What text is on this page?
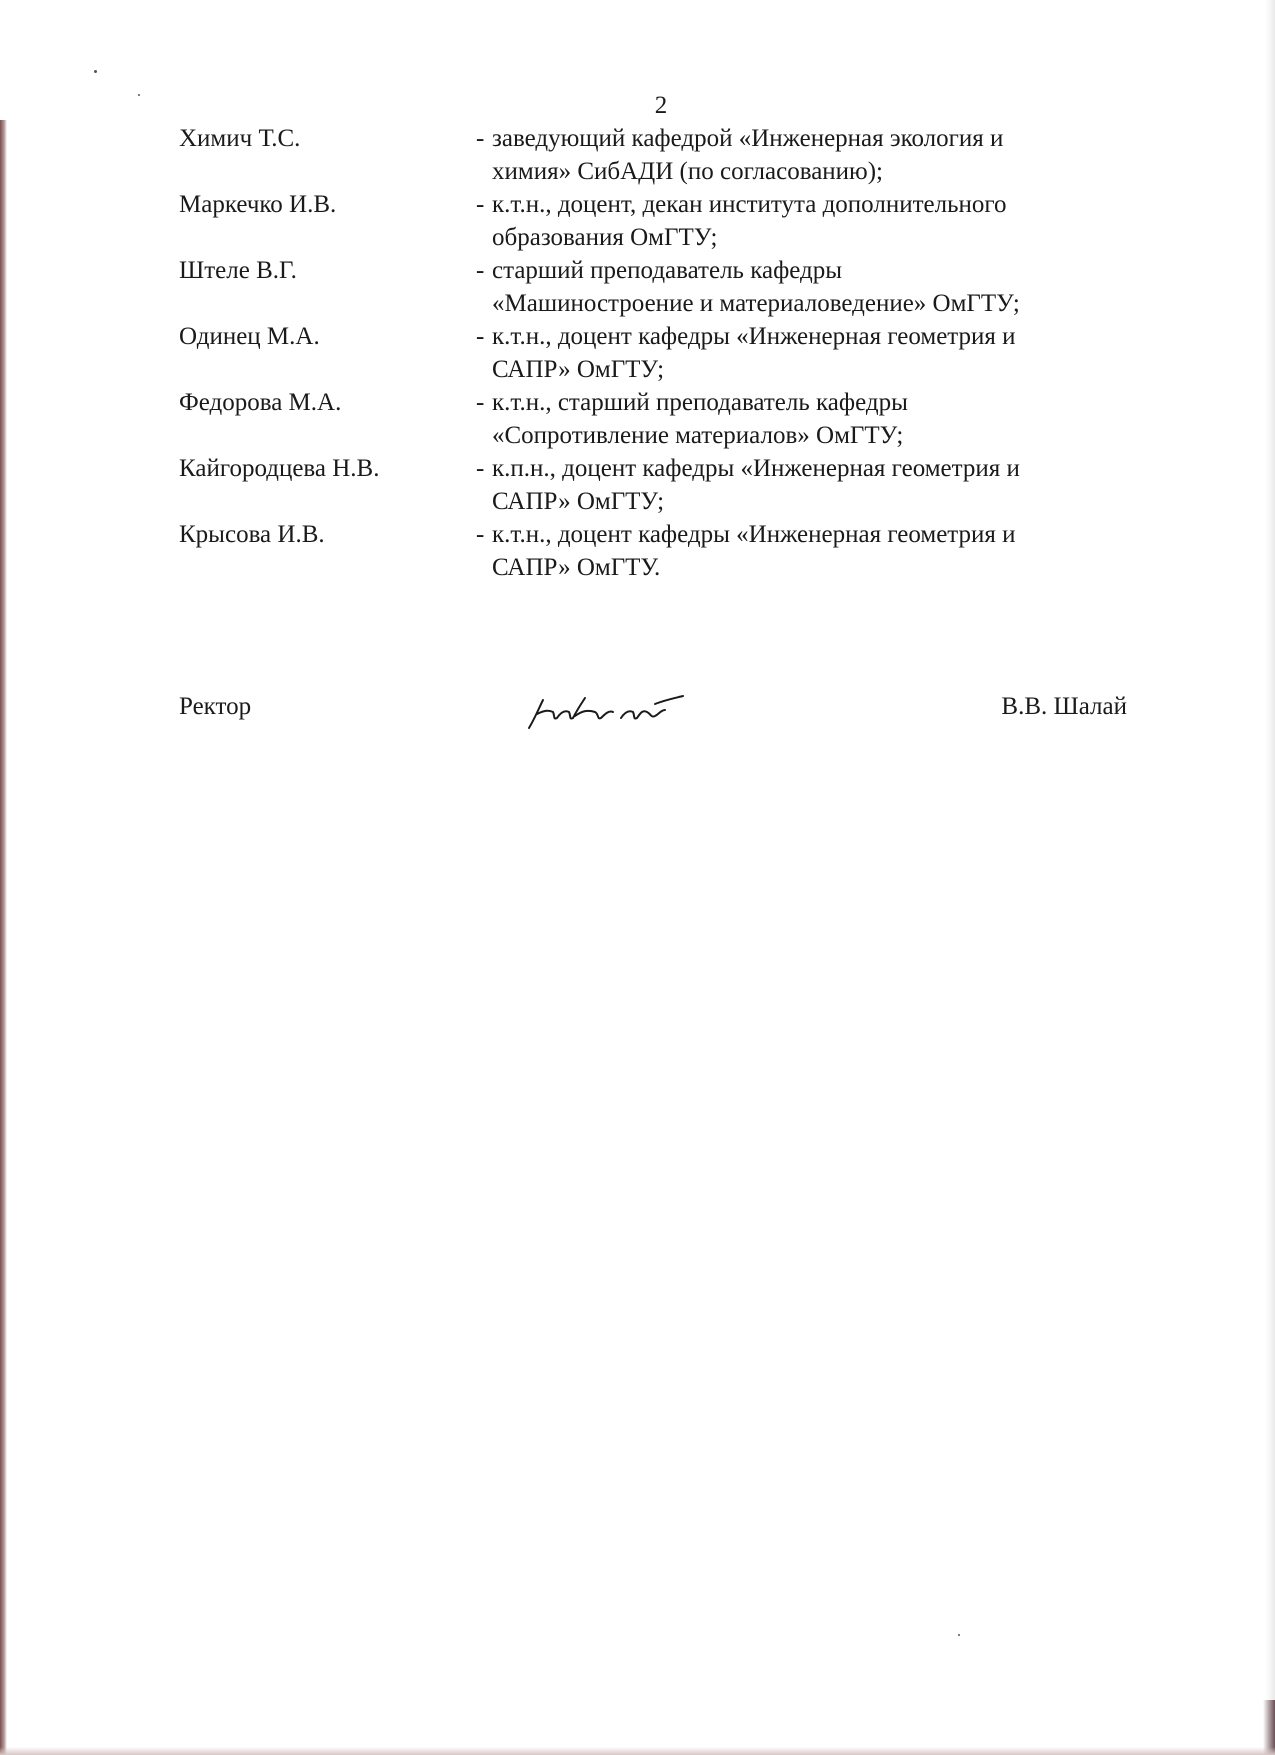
2
Химич Т.С.	- заведующий кафедрой «Инженерная экология и
химия» СибАДИ (по согласованию);
Маркечко И.В.	- к.т.н., доцент, декан института дополнительного
образования ОмГТУ;
Штеле В.Г.	- старший преподаватель кафедры
«Машиностроение и материаловедение» ОмГТУ;
Одинец М.А.	- к.т.н., доцент кафедры «Инженерная геометрия и
САПР» ОмГТУ;
Федорова М.А.	- к.т.н., старший преподаватель кафедры
«Сопротивление материалов» ОмГТУ;
Кайгородцева Н.В.	- к.п.н., доцент кафедры «Инженерная геометрия и
САПР» ОмГТУ;
Крысова И.В.	- к.т.н., доцент кафедры «Инженерная геометрия и
САПР» ОмГТУ.
Ректор	В.В. Шалай
